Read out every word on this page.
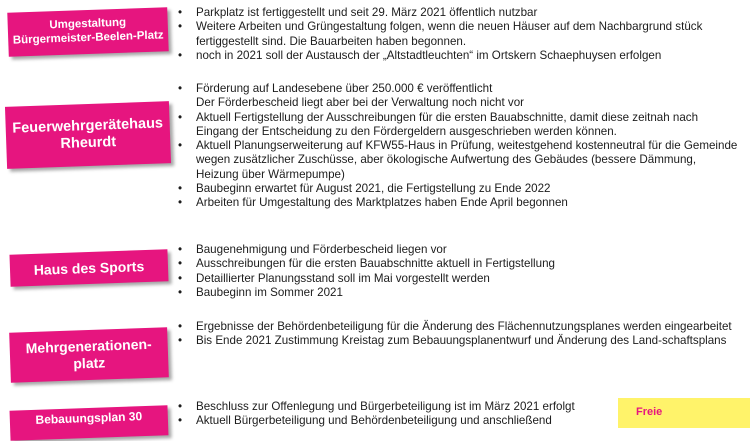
Umgestaltung
Bürgermeister-Beelen-Platz
• Parkplatz ist fertiggestellt und seit 29. März 2021 öffentlich nutzbar
• Weitere Arbeiten und Grüngestaltung folgen, wenn die neuen Häuser auf dem Nachbargrund stück fertiggestellt sind. Die Bauarbeiten haben begonnen.
• noch in 2021 soll der Austausch der „Altstadtleuchten“ im Ortskern Schaephuysen erfolgen
Feuerwehrgerätehaus
Rheurdt
• Förderung auf Landesebene über 250.000 € veröffentlicht
Der Förderbescheid liegt aber bei der Verwaltung noch nicht vor
• Aktuell Fertigstellung der Ausschreibungen für die ersten Bauabschnitte, damit diese zeitnah nach Eingang der Entscheidung zu den Fördergeldern ausgeschrieben werden können.
• Aktuell Planungserweiterung auf KFW55-Haus in Prüfung, weitestgehend kostenneutral für die Gemeinde wegen zusätzlicher Zuschüsse, aber ökologische Aufwertung des Gebäudes (bessere Dämmung, Heizung über Wärmepumpe)
• Baubeginn erwartet für August 2021, die Fertigstellung zu Ende 2022
• Arbeiten für Umgestaltung des Marktplatzes haben Ende April begonnen
Haus des Sports
• Baugenehmigung und Förderbescheid liegen vor
• Ausschreibungen für die ersten Bauabschnitte aktuell in Fertigstellung
• Detaillierter Planungsstand soll im Mai vorgestellt werden
• Baubeginn im Sommer 2021
Mehrgenerationen-
platz
• Ergebnisse der Behördenbeteiligung für die Änderung des Flächennutzungsplanes werden eingearbeitet
• Bis Ende 2021 Zustimmung Kreistag zum Bebauungsplanentwurf und Änderung des Land-schaftsplans
Bebauungsplan 30
• Beschluss zur Offenlegung und Bürgerbeteiligung ist im März 2021 erfolgt
• Aktuell Bürgerbeteiligung und Behördenbeteiligung und anschließend
Freie
